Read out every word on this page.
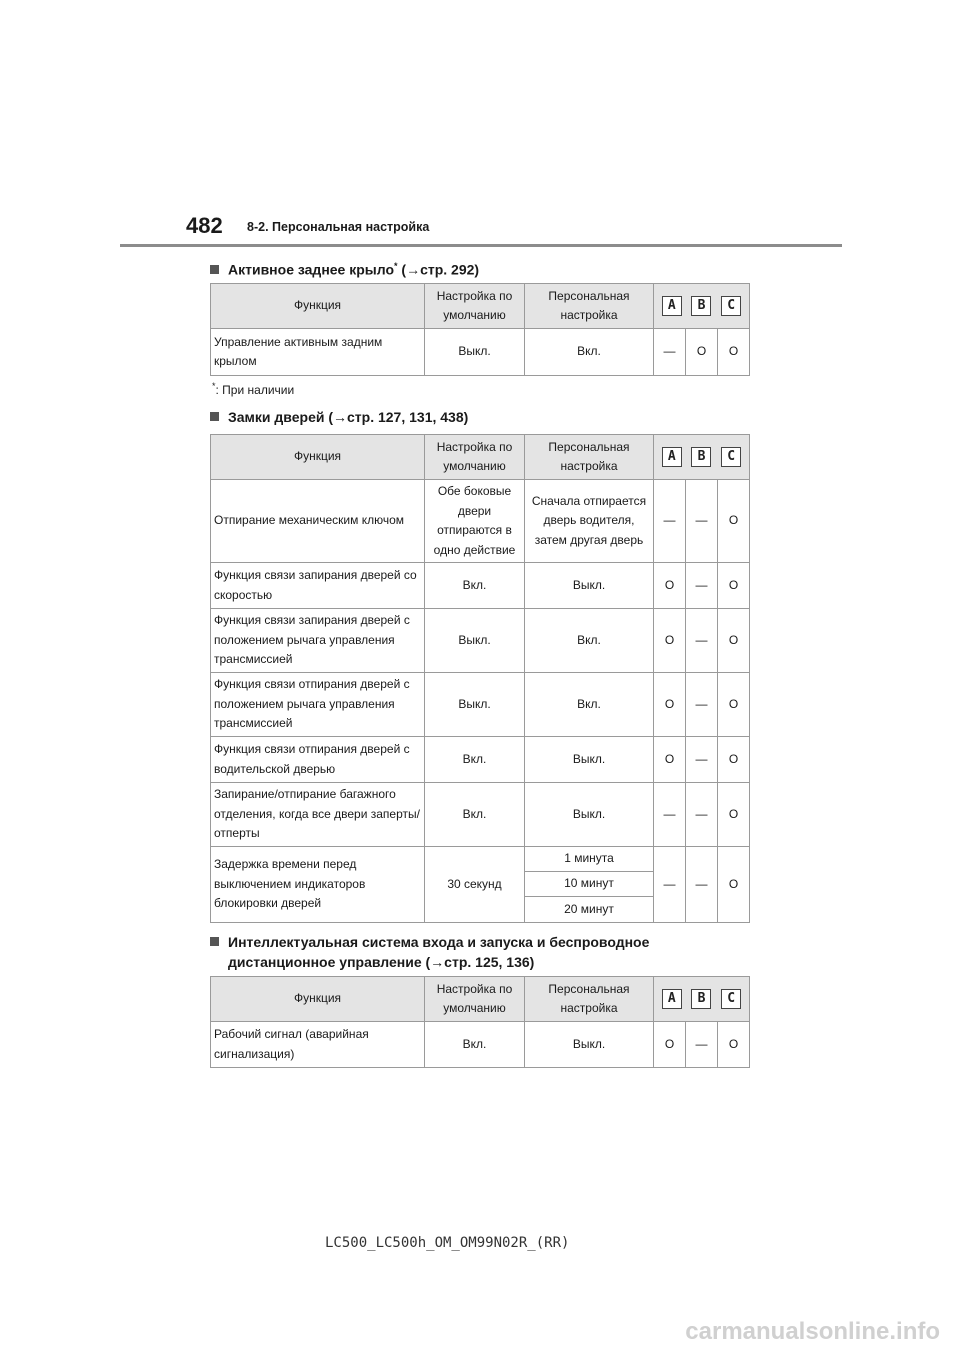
482 8-2. Персональная настройка
Активное заднее крыло* (→стр. 292)
Функция	Настройка по умолчанию	Персональная настройка	A B C		

Управление активным задним крылом	Выкл.	Вкл.	—	O	O
*: При наличии
Замки дверей (→стр. 127, 131, 438)
Функция	Настройка по умолчанию	Персональная настройка	A B C		

Отпирание механическим ключом	Обе боковые двери отпираются в одно действие	Сначала отпирается дверь водителя, затем другая дверь	—	—	O
Функция связи запирания дверей со скоростью	Вкл.	Выкл.	O	—	O
Функция связи запирания дверей с положением рычага управления трансмиссией	Выкл.	Вкл.	O	—	O
Функция связи отпирания дверей с положением рычага управления трансмиссией	Выкл.	Вкл.	O	—	O
Функция связи отпирания дверей с водительской дверью	Вкл.	Выкл.	O	—	O
Запирание/отпирание багажного отделения, когда все двери заперты/отперты	Вкл.	Выкл.	—	—	O
Задержка времени перед выключением индикаторов блокировки дверей	30 секунд	1 минута	—	—	O
		10 минут			
		20 минут			
Интеллектуальная система входа и запуска и беспроводное
дистанционное управление (→стр. 125, 136)
Функция	Настройка по умолчанию	Персональная настройка	A B C		

Рабочий сигнал (аварийная сигнализация)	Вкл.	Выкл.	O	—	O
LC500_LC500h_OM_OM99N02R_(RR)
carmanualsonline.info
